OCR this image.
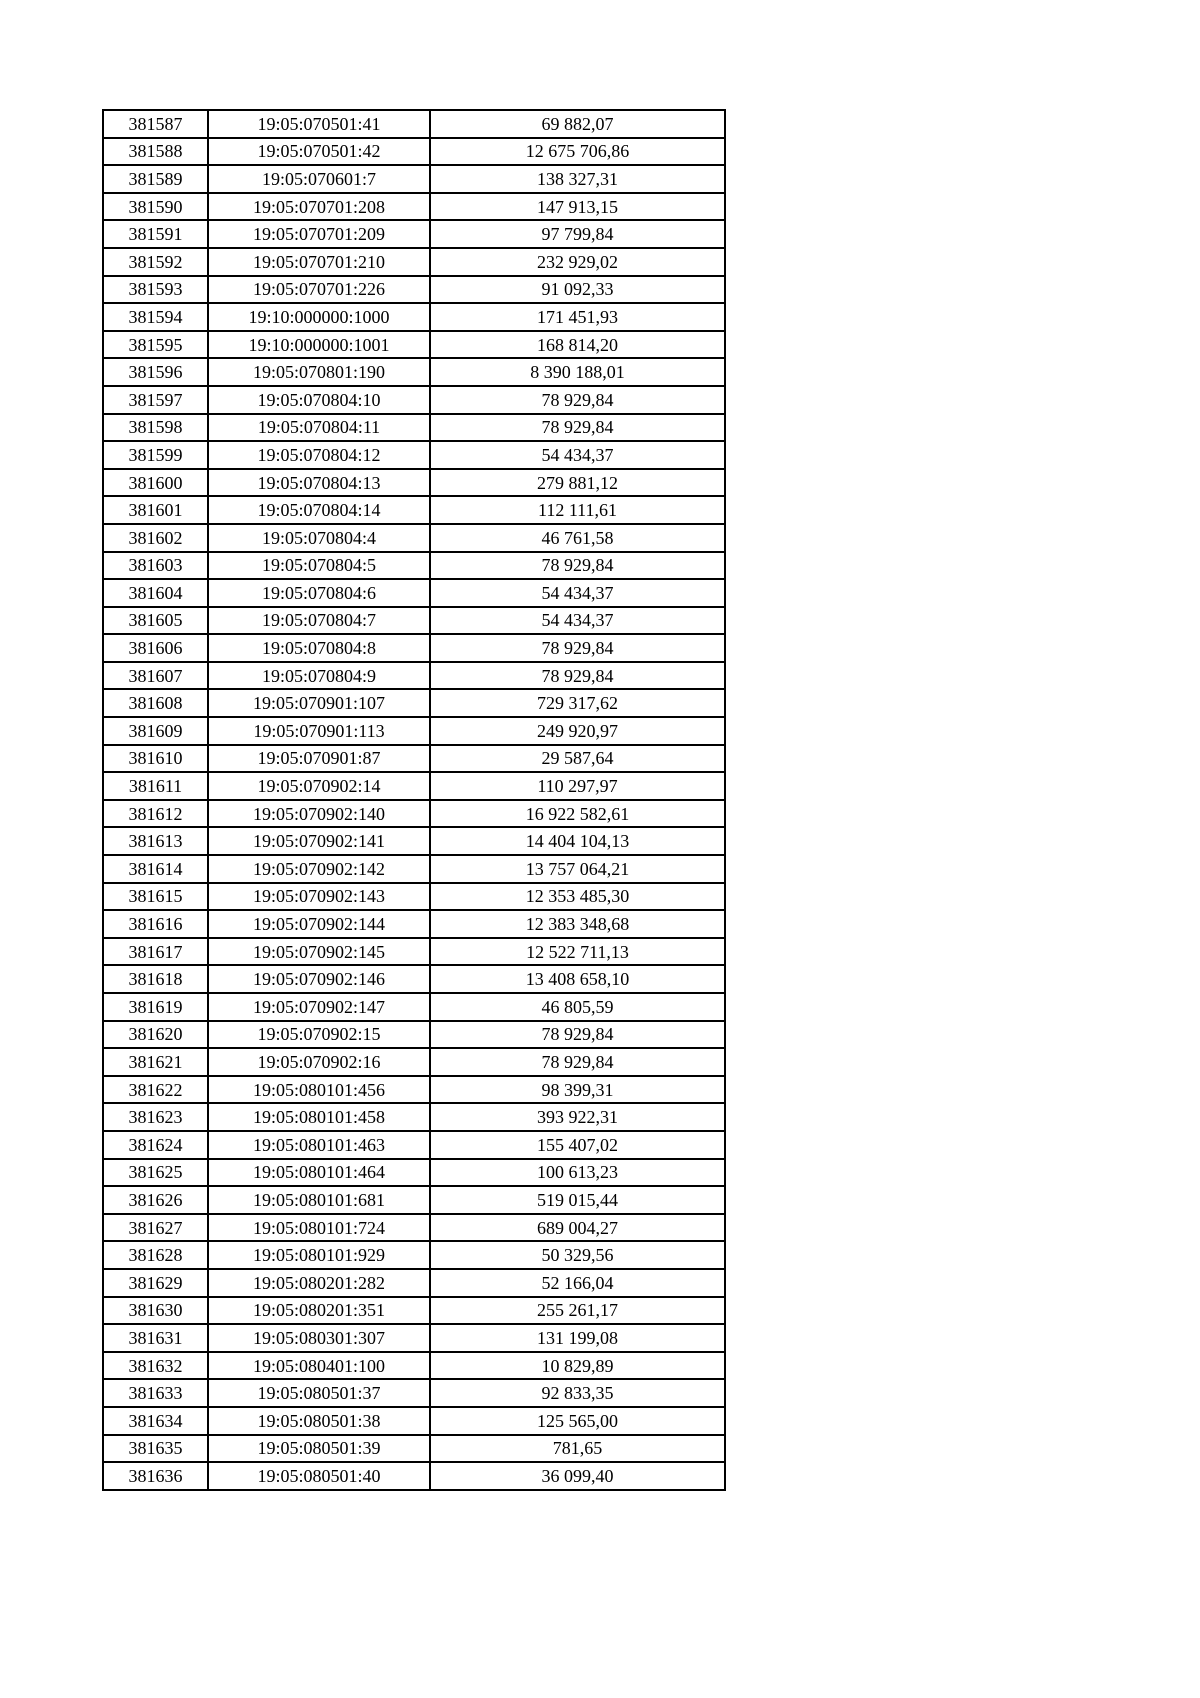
381587	19:05:070501:41	69 882,07
381588	19:05:070501:42	12 675 706,86
381589	19:05:070601:7	138 327,31
381590	19:05:070701:208	147 913,15
381591	19:05:070701:209	97 799,84
381592	19:05:070701:210	232 929,02
381593	19:05:070701:226	91 092,33
381594	19:10:000000:1000	171 451,93
381595	19:10:000000:1001	168 814,20
381596	19:05:070801:190	8 390 188,01
381597	19:05:070804:10	78 929,84
381598	19:05:070804:11	78 929,84
381599	19:05:070804:12	54 434,37
381600	19:05:070804:13	279 881,12
381601	19:05:070804:14	112 111,61
381602	19:05:070804:4	46 761,58
381603	19:05:070804:5	78 929,84
381604	19:05:070804:6	54 434,37
381605	19:05:070804:7	54 434,37
381606	19:05:070804:8	78 929,84
381607	19:05:070804:9	78 929,84
381608	19:05:070901:107	729 317,62
381609	19:05:070901:113	249 920,97
381610	19:05:070901:87	29 587,64
381611	19:05:070902:14	110 297,97
381612	19:05:070902:140	16 922 582,61
381613	19:05:070902:141	14 404 104,13
381614	19:05:070902:142	13 757 064,21
381615	19:05:070902:143	12 353 485,30
381616	19:05:070902:144	12 383 348,68
381617	19:05:070902:145	12 522 711,13
381618	19:05:070902:146	13 408 658,10
381619	19:05:070902:147	46 805,59
381620	19:05:070902:15	78 929,84
381621	19:05:070902:16	78 929,84
381622	19:05:080101:456	98 399,31
381623	19:05:080101:458	393 922,31
381624	19:05:080101:463	155 407,02
381625	19:05:080101:464	100 613,23
381626	19:05:080101:681	519 015,44
381627	19:05:080101:724	689 004,27
381628	19:05:080101:929	50 329,56
381629	19:05:080201:282	52 166,04
381630	19:05:080201:351	255 261,17
381631	19:05:080301:307	131 199,08
381632	19:05:080401:100	10 829,89
381633	19:05:080501:37	92 833,35
381634	19:05:080501:38	125 565,00
381635	19:05:080501:39	781,65
381636	19:05:080501:40	36 099,40
